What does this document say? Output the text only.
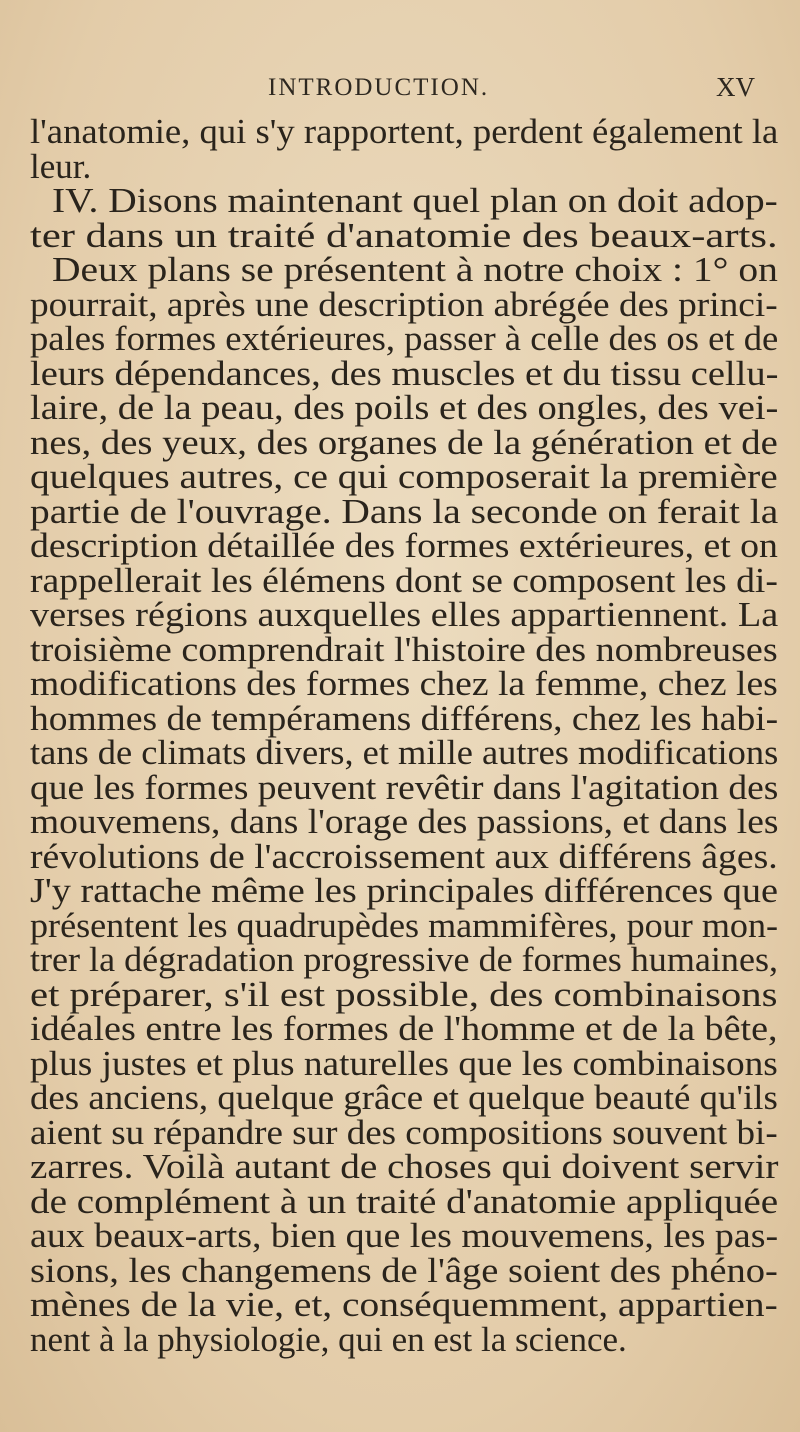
INTRODUCTION.	XV
l'anatomie, qui s'y rapportent, perdent également la
leur.
IV. Disons maintenant quel plan on doit adop-
ter dans un traité d'anatomie des beaux-arts.
Deux plans se présentent à notre choix : 1° on
pourrait, après une description abrégée des princi-
pales formes extérieures, passer à celle des os et de
leurs dépendances, des muscles et du tissu cellu-
laire, de la peau, des poils et des ongles, des vei-
nes, des yeux, des organes de la génération et de
quelques autres, ce qui composerait la première
partie de l'ouvrage. Dans la seconde on ferait la
description détaillée des formes extérieures, et on
rappellerait les élémens dont se composent les di-
verses régions auxquelles elles appartiennent. La
troisième comprendrait l'histoire des nombreuses
modifications des formes chez la femme, chez les
hommes de tempéramens différens, chez les habi-
tans de climats divers, et mille autres modifications
que les formes peuvent revêtir dans l'agitation des
mouvemens, dans l'orage des passions, et dans les
révolutions de l'accroissement aux différens âges.
J'y rattache même les principales différences que
présentent les quadrupèdes mammifères, pour mon-
trer la dégradation progressive de formes humaines,
et préparer, s'il est possible, des combinaisons
idéales entre les formes de l'homme et de la bête,
plus justes et plus naturelles que les combinaisons
des anciens, quelque grâce et quelque beauté qu'ils
aient su répandre sur des compositions souvent bi-
zarres. Voilà autant de choses qui doivent servir
de complément à un traité d'anatomie appliquée
aux beaux-arts, bien que les mouvemens, les pas-
sions, les changemens de l'âge soient des phéno-
mènes de la vie, et, conséquemment, appartien-
nent à la physiologie, qui en est la science.
